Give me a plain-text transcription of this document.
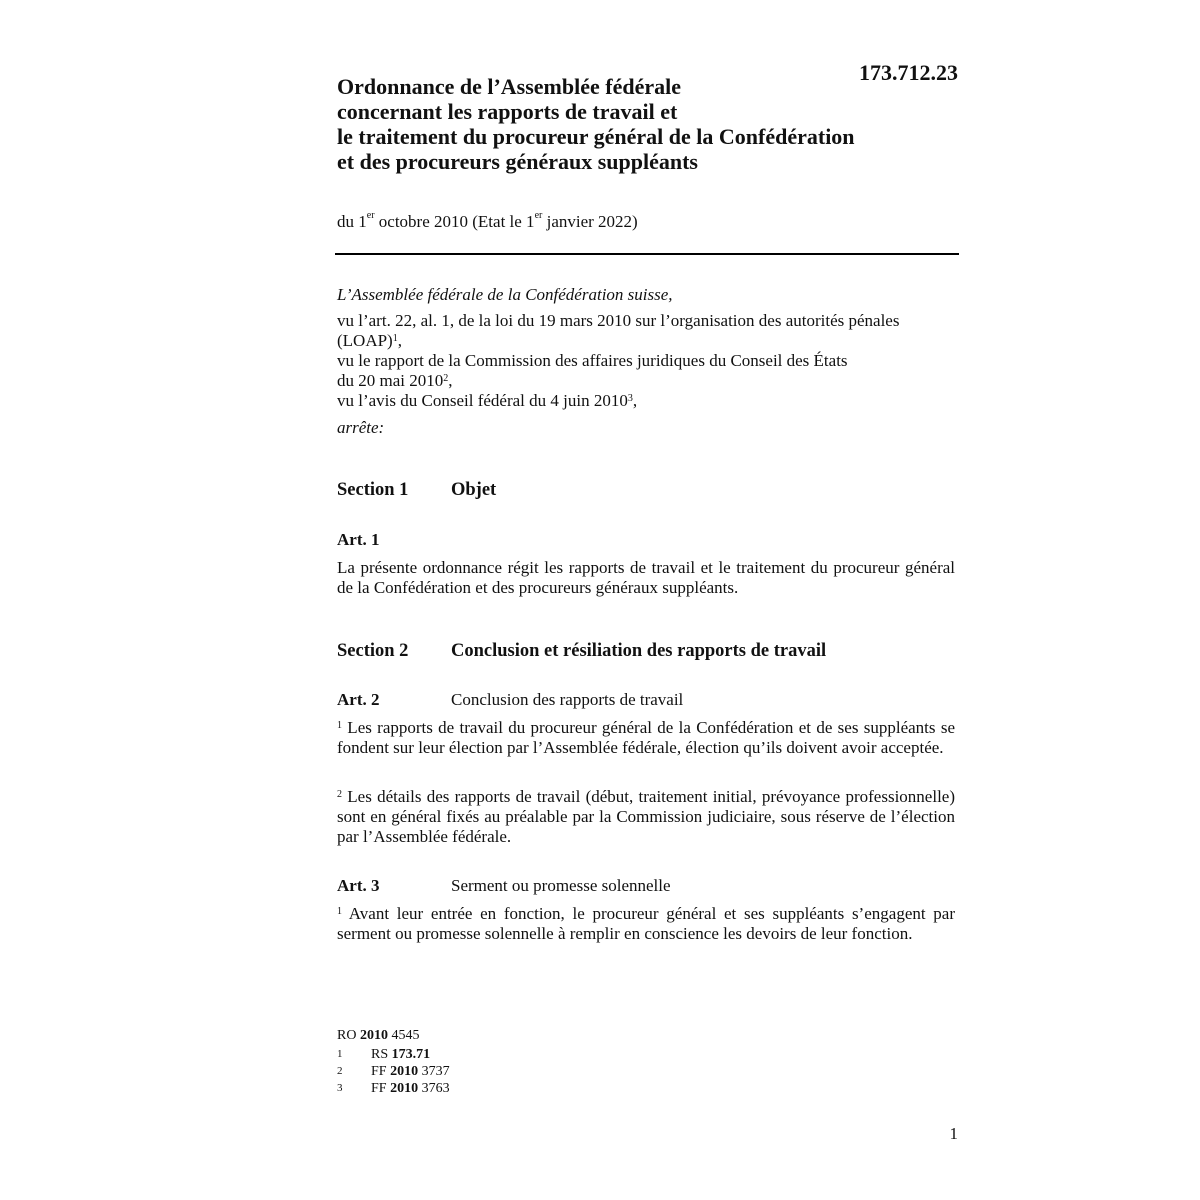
173.712.23
Ordonnance de l’Assemblée fédérale
concernant les rapports de travail et
le traitement du procureur général de la Confédération
et des procureurs généraux suppléants
du 1er octobre 2010 (Etat le 1er janvier 2022)
L’Assemblée fédérale de la Confédération suisse,
vu l’art. 22, al. 1, de la loi du 19 mars 2010 sur l’organisation des autorités pénales
(LOAP)$^1$,
vu le rapport de la Commission des affaires juridiques du Conseil des États
du 20 mai 2010$^2$,
vu l’avis du Conseil fédéral du 4 juin 2010$^3$,
arrête:
Section 1 Objet
Art. 1
La présente ordonnance régit les rapports de travail et le traitement du procureur général de la Confédération et des procureurs généraux suppléants.
Section 2 Conclusion et résiliation des rapports de travail
Art. 2	Conclusion des rapports de travail
$^1$ Les rapports de travail du procureur général de la Confédération et de ses suppléants se fondent sur leur élection par l’Assemblée fédérale, élection qu’ils doivent avoir acceptée.
$^2$ Les détails des rapports de travail (début, traitement initial, prévoyance professionnelle) sont en général fixés au préalable par la Commission judiciaire, sous réserve de l’élection par l’Assemblée fédérale.
Art. 3	Serment ou promesse solennelle
$^1$ Avant leur entrée en fonction, le procureur général et ses suppléants s’engagent par serment ou promesse solennelle à remplir en conscience les devoirs de leur fonction.
RO 2010 4545
1 RS 173.71
2 FF 2010 3737
3 FF 2010 3763
1
